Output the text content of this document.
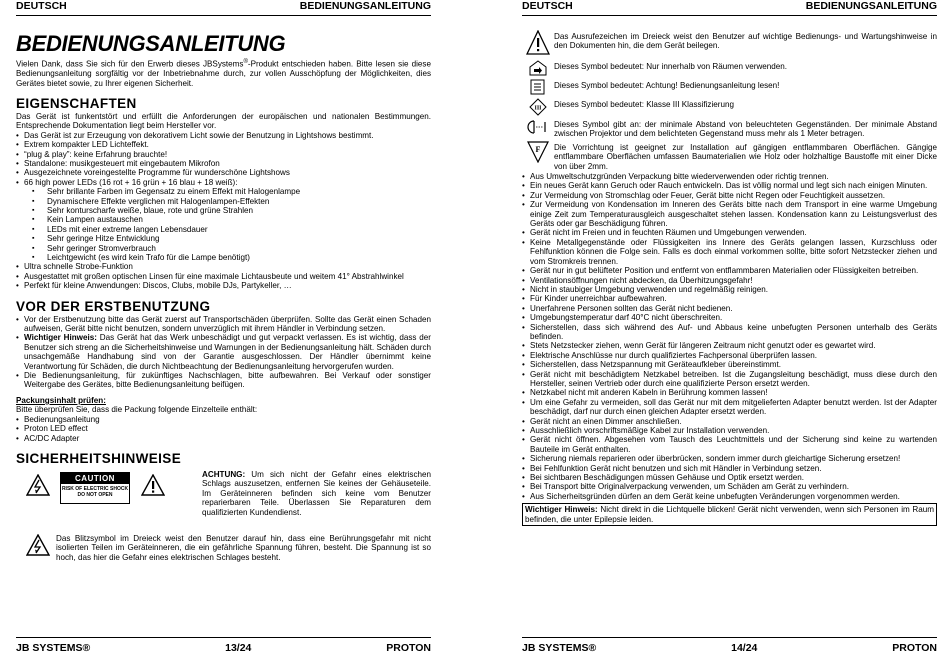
DEUTSCH	BEDIENUNGSANLEITUNG
BEDIENUNGSANLEITUNG

Vielen Dank, dass Sie sich für den Erwerb dieses JBSystems®-Produkt entschieden haben. Bitte lesen sie diese Bedienungsanleitung sorgfältig vor der Inbetriebnahme durch, zur vollen Ausschöpfung der Möglichkeiten, dies Gerätes bietet sowie, zu Ihrer eigenen Sicherheit.

EIGENSCHAFTEN

Das Gerät ist funkentstört und erfüllt die Anforderungen der europäischen und nationalen Bestimmungen. Entsprechende Dokumentation liegt beim Hersteller vor.

• Das Gerät ist zur Erzeugung von dekorativem Licht sowie der Benutzung in Lightshows bestimmt.
• Extrem kompakter LED Lichteffekt.
• “plug & play”: keine Erfahrung brauchte!
• Standalone: musikgesteuert mit eingebautem Mikrofon
• Ausgezeichnete voreingestellte Programme für wunderschöne Lightshows
• 66 high power LEDs (16 rot + 16 grün + 16 blau + 18 weiß):
▪ Sehr brillante Farben im Gegensatz zu einem Effekt mit Halogenlampe
▪ Dynamischere Effekte verglichen mit Halogenlampen-Effekten
▪ Sehr konturscharfe weiße, blaue, rote und grüne Strahlen
▪ Kein Lampen austauschen
▪ LEDs mit einer extreme langen Lebensdauer
▪ Sehr geringe Hitze Entwicklung
▪ Sehr geringer Stromverbrauch
▪ Leichtgewicht (es wird kein Trafo für die Lampe benötigt)
• Ultra schnelle Strobe-Funktion
• Ausgestattet mit großen optischen Linsen für eine maximale Lichtausbeute und weitem 41° Abstrahlwinkel
• Perfekt für kleine Anwendungen: Discos, Clubs, mobile DJs, Partykeller, …
VOR DER ERSTBENUTZUNG
• Vor der Erstbenutzung bitte das Gerät zuerst auf Transportschäden überprüfen. Sollte das Gerät einen Schaden aufweisen, Gerät bitte nicht benutzen, sondern unverzüglich mit ihrem Händler in Verbindung setzen.
• Wichtiger Hinweis: Das Gerät hat das Werk unbeschädigt und gut verpackt verlassen. Es ist wichtig, dass der Benutzer sich streng an die Sicherheitshinweise und Warnungen in der Bedienungsanleitung hält. Schäden durch unsachgemäße Handhabung sind von der Garantie ausgeschlossen. Der Händler übernimmt keine Verantwortung für Schäden, die durch Nichtbeachtung der Bedienungsanleitung hervorgerufen wurden.
• Die Bedienungsanleitung, für zukünftiges Nachschlagen, bitte aufbewahren. Bei Verkauf oder sonstiger Weitergabe des Gerätes, bitte Bedienungsanleitung beifügen.

Packungsinhalt prüfen:

Bitte überprüfen Sie, dass die Packung folgende Einzelteile enthält:

• Bedienungsanleitung
• Proton LED effect
• AC/DC Adapter
SICHERHEITSHINWEISE
CAUTION
RISK OF ELECTRIC SHOCK
DO NOT OPEN
ACHTUNG: Um sich nicht der Gefahr eines elektrischen Schlags auszusetzen, entfernen Sie keines der Gehäuseteile. Im Geräteinneren befinden sich keine vom Benutzer reparierbaren Teile. Überlassen Sie Reparaturen dem qualifizierten Kundendienst.
Das Blitzsymbol im Dreieck weist den Benutzer darauf hin, dass eine Berührungsgefahr mit nicht isolierten Teilen im Geräteinneren, die ein gefährliche Spannung führen, besteht. Die Spannung ist so hoch, das hier die Gefahr eines elektrischen Schlages besteht.
JB SYSTEMS®	13/24	PROTON
DEUTSCH	BEDIENUNGSANLEITUNG
Das Ausrufezeichen im Dreieck weist den Benutzer auf wichtige Bedienungs- und Wartungshinweise in den Dokumenten hin, die dem Gerät beilegen.
Dieses Symbol bedeutet: Nur innerhalb von Räumen verwenden.
Dieses Symbol bedeutet: Achtung! Bedienungsanleitung lesen!
III Dieses Symbol bedeutet: Klasse III Klassifizierung
Dieses Symbol gibt an: der minimale Abstand von beleuchteten Gegenständen. Der minimale Abstand zwischen Projektor und dem belichteten Gegenstand muss mehr als 1 Meter betragen.
F Die Vorrichtung ist geeignet zur Installation auf gängigen entflammbaren Oberflächen. Gängige entflammbare Oberflächen umfassen Baumaterialien wie Holz oder holzhaltige Baustoffe mit einer Dicke von über 2mm.
• Aus Umweltschutzgründen Verpackung bitte wiederverwenden oder richtig trennen.
• Ein neues Gerät kann Geruch oder Rauch entwickeln. Das ist völlig normal und legt sich nach einigen Minuten.
• Zur Vermeidung von Stromschlag oder Feuer, Gerät bitte nicht Regen oder Feuchtigkeit aussetzen.
• Zur Vermeidung von Kondensation im Inneren des Geräts bitte nach dem Transport in eine warme Umgebung einige Zeit zum Temperaturausgleich ausgeschaltet stehen lassen. Kondensation kann zu Leistungsverlust des Geräts oder gar Beschädigung führen.
• Gerät nicht im Freien und in feuchten Räumen und Umgebungen verwenden.
• Keine Metallgegenstände oder Flüssigkeiten ins Innere des Geräts gelangen lassen, Kurzschluss oder Fehlfunktion können die Folge sein. Falls es doch einmal vorkommen sollte, bitte sofort Netzstecker ziehen und vom Stromkreis trennen.
• Gerät nur in gut belüfteter Position und entfernt von entflammbaren Materialien oder Flüssigkeiten betreiben.
• Ventilationsöffnungen nicht abdecken, da Überhitzungsgefahr!
• Nicht in staubiger Umgebung verwenden und regelmäßig reinigen.
• Für Kinder unerreichbar aufbewahren.
• Unerfahrene Personen sollten das Gerät nicht bedienen.
• Umgebungstemperatur darf 40°C nicht überschreiten.
• Sicherstellen, dass sich während des Auf- und Abbaus keine unbefugten Personen unterhalb des Geräts befinden.
• Stets Netzstecker ziehen, wenn Gerät für längeren Zeitraum nicht genutzt oder es gewartet wird.
• Elektrische Anschlüsse nur durch qualifiziertes Fachpersonal überprüfen lassen.
• Sicherstellen, dass Netzspannung mit Geräteaufkleber übereinstimmt.
• Gerät nicht mit beschädigtem Netzkabel betreiben. Ist die Zugangsleitung beschädigt, muss diese durch den Hersteller, seinen Vertrieb oder durch eine qualifizierte Person ersetzt werden.
• Netzkabel nicht mit anderen Kabeln in Berührung kommen lassen!
• Um eine Gefahr zu vermeiden, soll das Gerät nur mit dem mitgelieferten Adapter benutzt werden. Ist der Adapter beschädigt, darf nur durch einen gleichen Adapter ersetzt werden.
• Gerät nicht an einen Dimmer anschließen.
• Ausschließlich vorschriftsmäßige Kabel zur Installation verwenden.
• Gerät nicht öffnen. Abgesehen vom Tausch des Leuchtmittels und der Sicherung sind keine zu wartenden Bauteile im Gerät enthalten.
• Sicherung niemals reparieren oder überbrücken, sondern immer durch gleichartige Sicherung ersetzen!
• Bei Fehlfunktion Gerät nicht benutzen und sich mit Händler in Verbindung setzen.
• Bei sichtbaren Beschädigungen müssen Gehäuse und Optik ersetzt werden.
• Bei Transport bitte Originalverpackung verwenden, um Schäden am Gerät zu verhindern.
• Aus Sicherheitsgründen dürfen an dem Gerät keine unbefugten Veränderungen vorgenommen werden.
Wichtiger Hinweis: Nicht direkt in die Lichtquelle blicken! Gerät nicht verwenden, wenn sich Personen im Raum befinden, die unter Epilepsie leiden.
JB SYSTEMS®	14/24	PROTON
